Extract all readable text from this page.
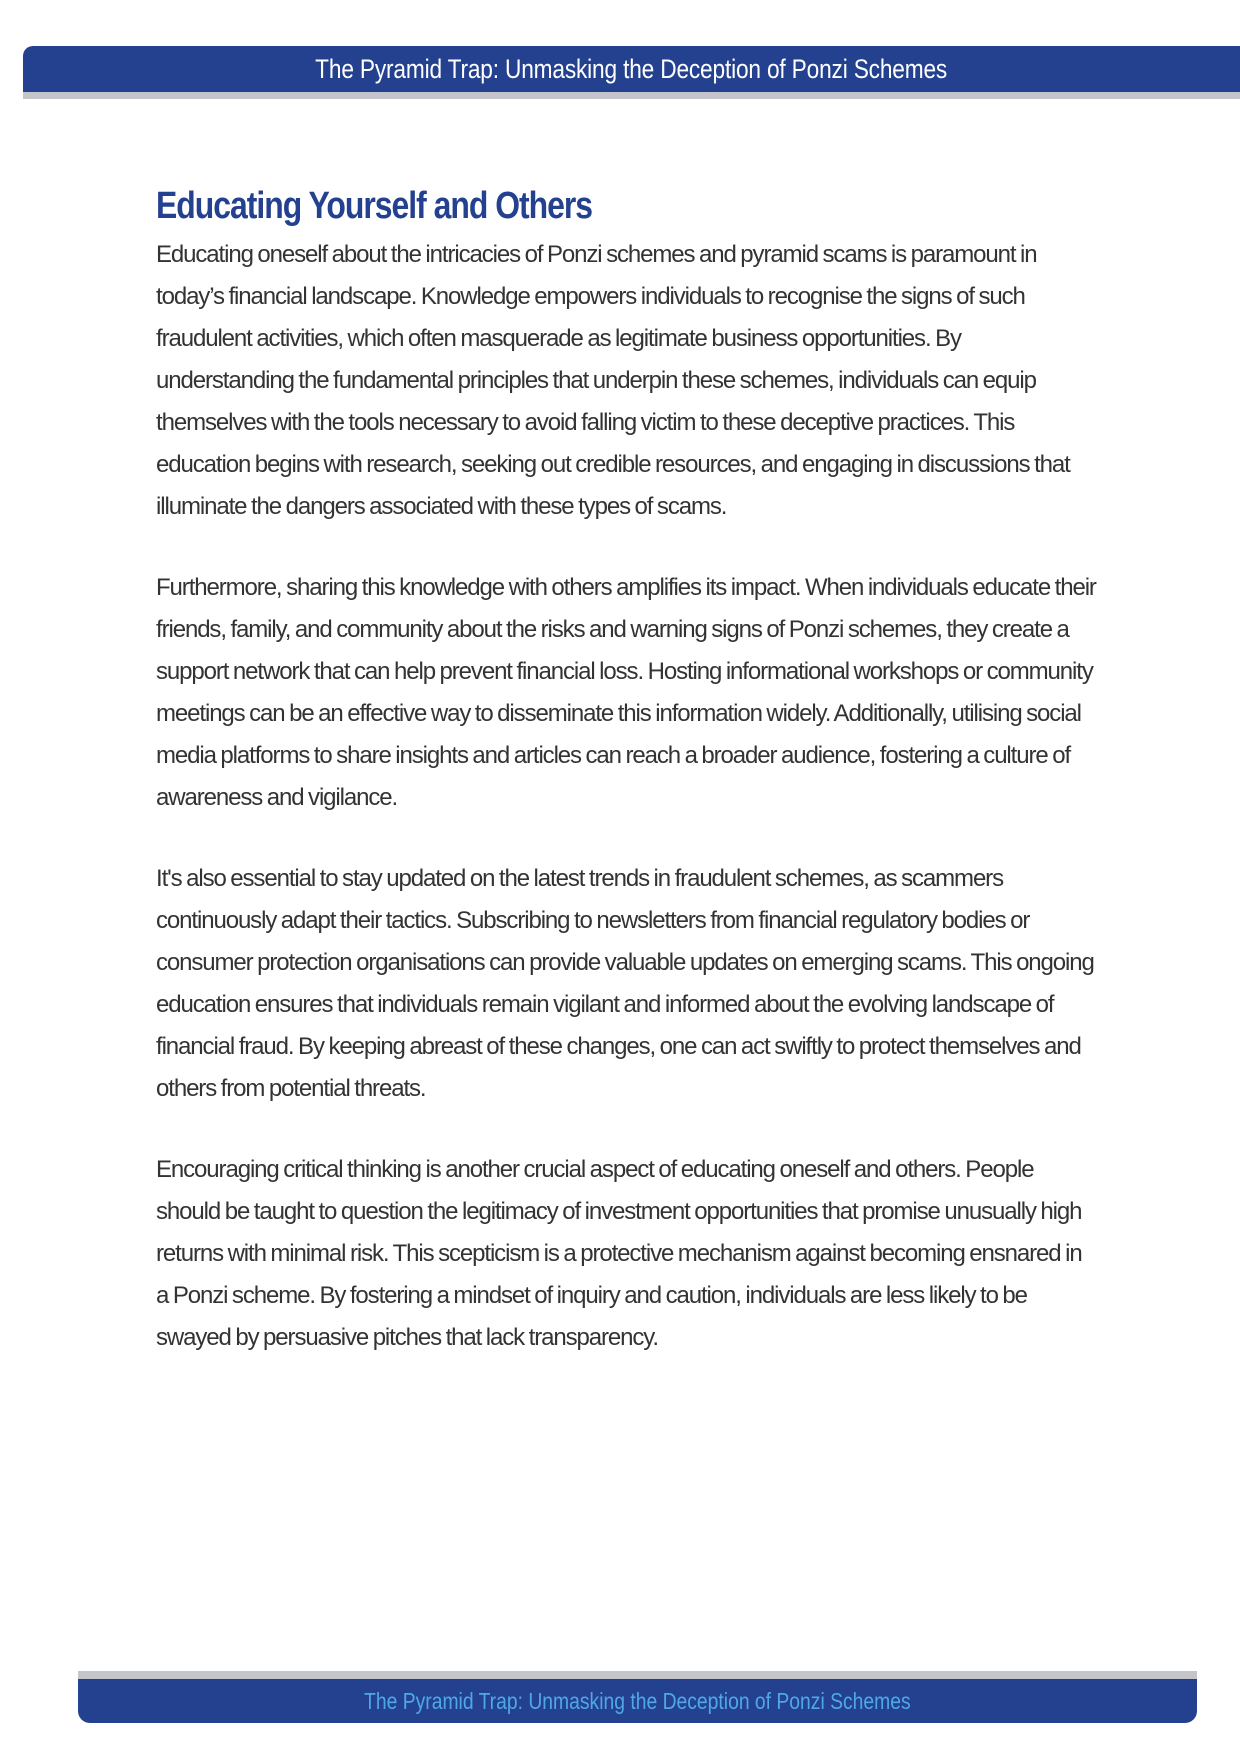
The Pyramid Trap: Unmasking the Deception of Ponzi Schemes
Educating Yourself and Others

Educating oneself about the intricacies of Ponzi schemes and pyramid scams is paramount in today’s financial landscape. Knowledge empowers individuals to recognise the signs of such fraudulent activities, which often masquerade as legitimate business opportunities. By understanding the fundamental principles that underpin these schemes, individuals can equip themselves with the tools necessary to avoid falling victim to these deceptive practices. This education begins with research, seeking out credible resources, and engaging in discussions that illuminate the dangers associated with these types of scams.

Furthermore, sharing this knowledge with others amplifies its impact. When individuals educate their friends, family, and community about the risks and warning signs of Ponzi schemes, they create a support network that can help prevent financial loss. Hosting informational workshops or community meetings can be an effective way to disseminate this information widely. Additionally, utilising social media platforms to share insights and articles can reach a broader audience, fostering a culture of awareness and vigilance.

It's also essential to stay updated on the latest trends in fraudulent schemes, as scammers continuously adapt their tactics. Subscribing to newsletters from financial regulatory bodies or consumer protection organisations can provide valuable updates on emerging scams. This ongoing education ensures that individuals remain vigilant and informed about the evolving landscape of financial fraud. By keeping abreast of these changes, one can act swiftly to protect themselves and others from potential threats.

Encouraging critical thinking is another crucial aspect of educating oneself and others. People should be taught to question the legitimacy of investment opportunities that promise unusually high returns with minimal risk. This scepticism is a protective mechanism against becoming ensnared in a Ponzi scheme. By fostering a mindset of inquiry and caution, individuals are less likely to be swayed by persuasive pitches that lack transparency.

The Pyramid Trap: Unmasking the Deception of Ponzi Schemes
